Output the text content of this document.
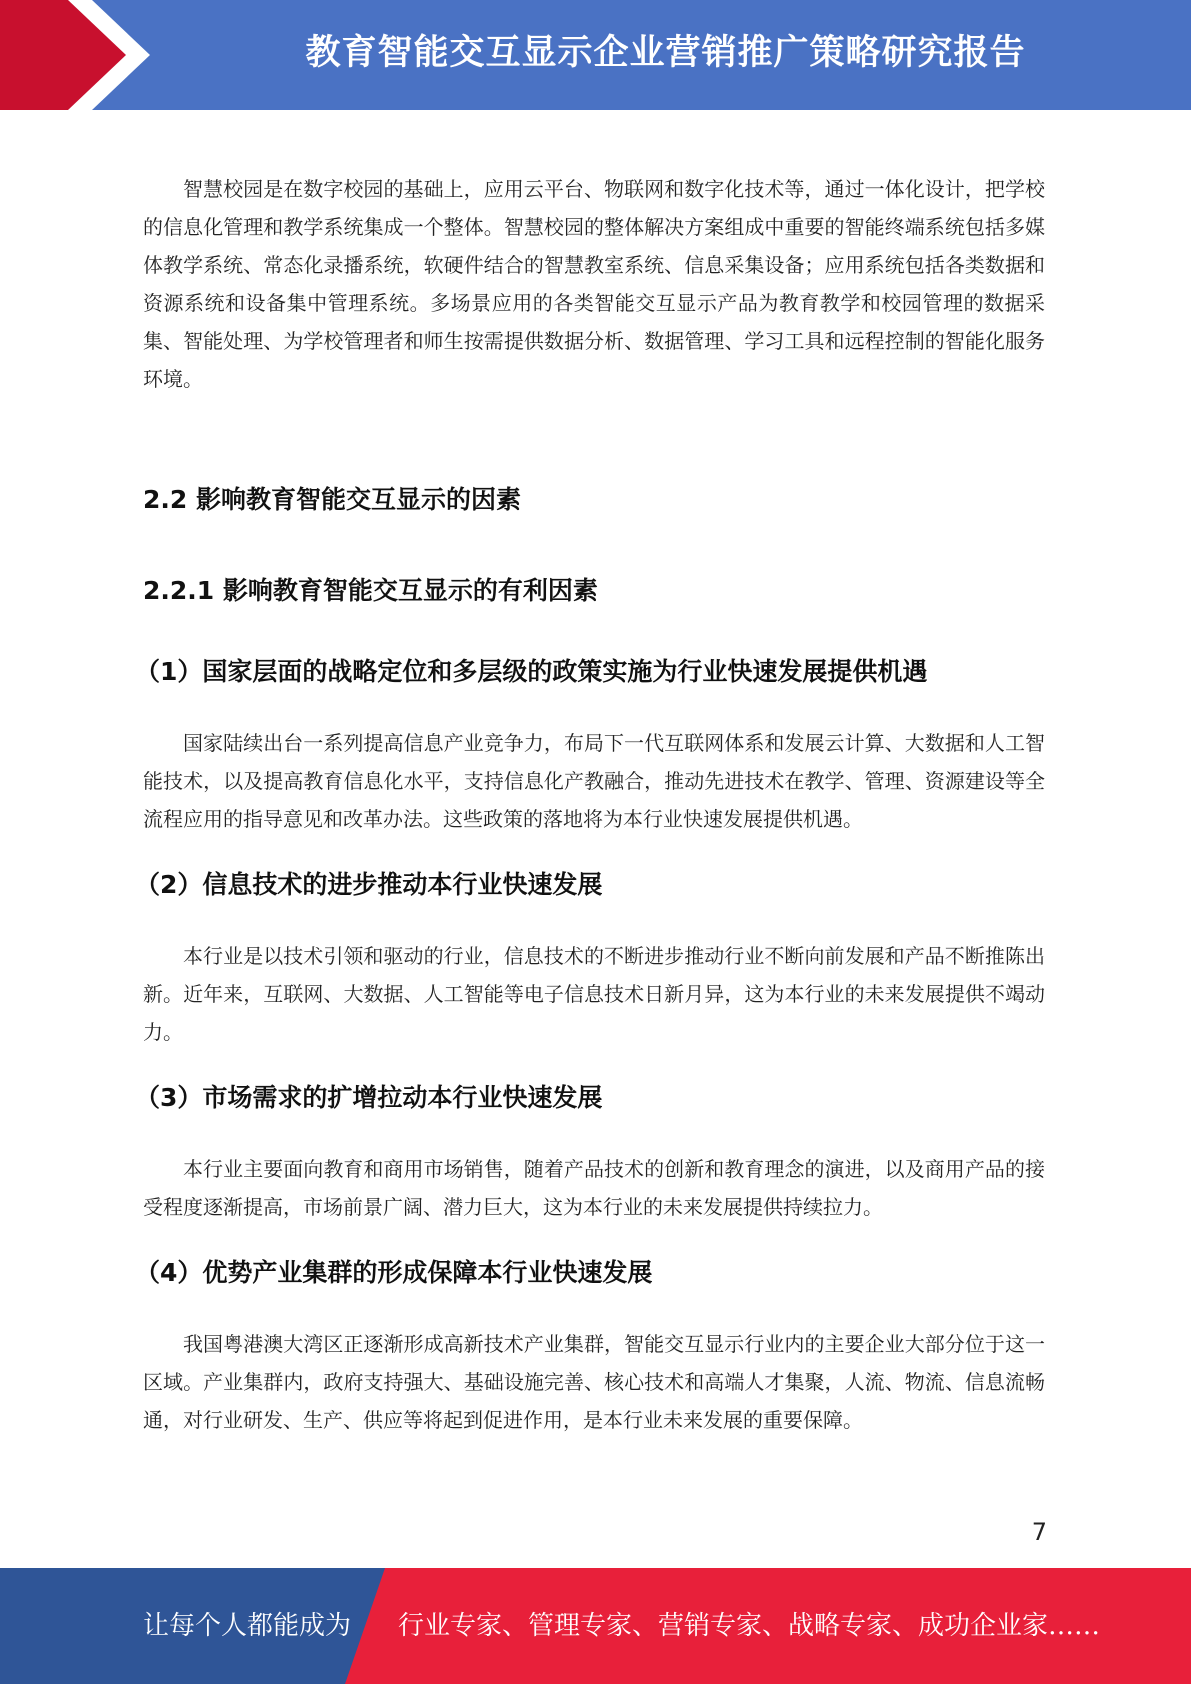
教育智能交互显示企业营销推广策略研究报告

智慧校园是在数字校园的基础上，应用云平台、物联网和数字化技术等，通过一体化设计，把学校的信息化管理和教学系统集成一个整体。智慧校园的整体解决方案组成中重要的智能终端系统包括多媒体教学系统、常态化录播系统，软硬件结合的智慧教室系统、信息采集设备；应用系统包括各类数据和资源系统和设备集中管理系统。多场景应用的各类智能交互显示产品为教育教学和校园管理的数据采集、智能处理、为学校管理者和师生按需提供数据分析、数据管理、学习工具和远程控制的智能化服务环境。

2.2 影响教育智能交互显示的因素
2.2.1 影响教育智能交互显示的有利因素
（1）国家层面的战略定位和多层级的政策实施为行业快速发展提供机遇

国家陆续出台一系列提高信息产业竞争力，布局下一代互联网体系和发展云计算、大数据和人工智能技术，以及提高教育信息化水平，支持信息化产教融合，推动先进技术在教学、管理、资源建设等全流程应用的指导意见和改革办法。这些政策的落地将为本行业快速发展提供机遇。

（2）信息技术的进步推动本行业快速发展

本行业是以技术引领和驱动的行业，信息技术的不断进步推动行业不断向前发展和产品不断推陈出新。近年来，互联网、大数据、人工智能等电子信息技术日新月异，这为本行业的未来发展提供不竭动力。

（3）市场需求的扩增拉动本行业快速发展

本行业主要面向教育和商用市场销售，随着产品技术的创新和教育理念的演进，以及商用产品的接受程度逐渐提高，市场前景广阔、潜力巨大，这为本行业的未来发展提供持续拉力。

（4）优势产业集群的形成保障本行业快速发展

我国粤港澳大湾区正逐渐形成高新技术产业集群，智能交互显示行业内的主要企业大部分位于这一区域。产业集群内，政府支持强大、基础设施完善、核心技术和高端人才集聚，人流、物流、信息流畅通，对行业研发、生产、供应等将起到促进作用，是本行业未来发展的重要保障。

7
让每个人都能成为 行业专家、管理专家、营销专家、战略专家、成功企业家……
